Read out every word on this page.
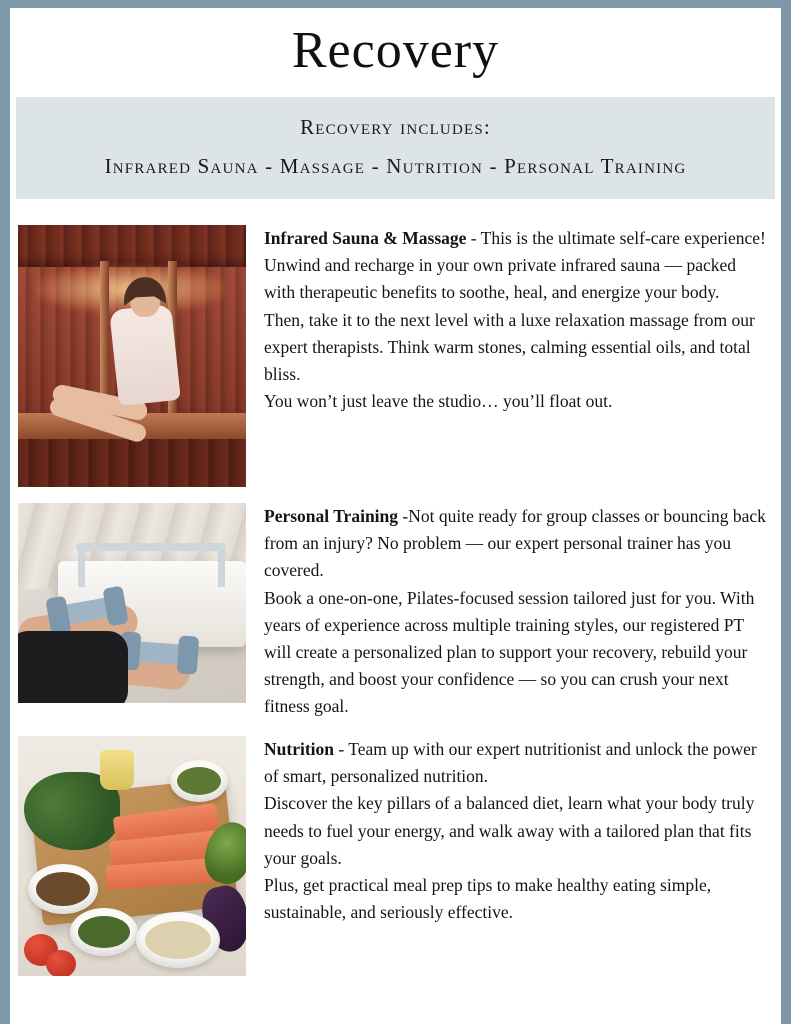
Recovery
Recovery includes:
Infrared Sauna - Massage - Nutrition - Personal Training

Infrared Sauna & Massage - This is the ultimate self-care experience!

Unwind and recharge in your own private infrared sauna — packed with therapeutic benefits to soothe, heal, and energize your body.

Then, take it to the next level with a luxe relaxation massage from our expert therapists. Think warm stones, calming essential oils, and total bliss.

You won’t just leave the studio… you’ll float out.

Personal Training -Not quite ready for group classes or bouncing back from an injury? No problem — our expert personal trainer has you covered.

Book a one-on-one, Pilates-focused session tailored just for you. With years of experience across multiple training styles, our registered PT will create a personalized plan to support your recovery, rebuild your strength, and boost your confidence — so you can crush your next fitness goal.

Nutrition - Team up with our expert nutritionist and unlock the power of smart, personalized nutrition.

Discover the key pillars of a balanced diet, learn what your body truly needs to fuel your energy, and walk away with a tailored plan that fits your goals.

Plus, get practical meal prep tips to make healthy eating simple, sustainable, and seriously effective.
